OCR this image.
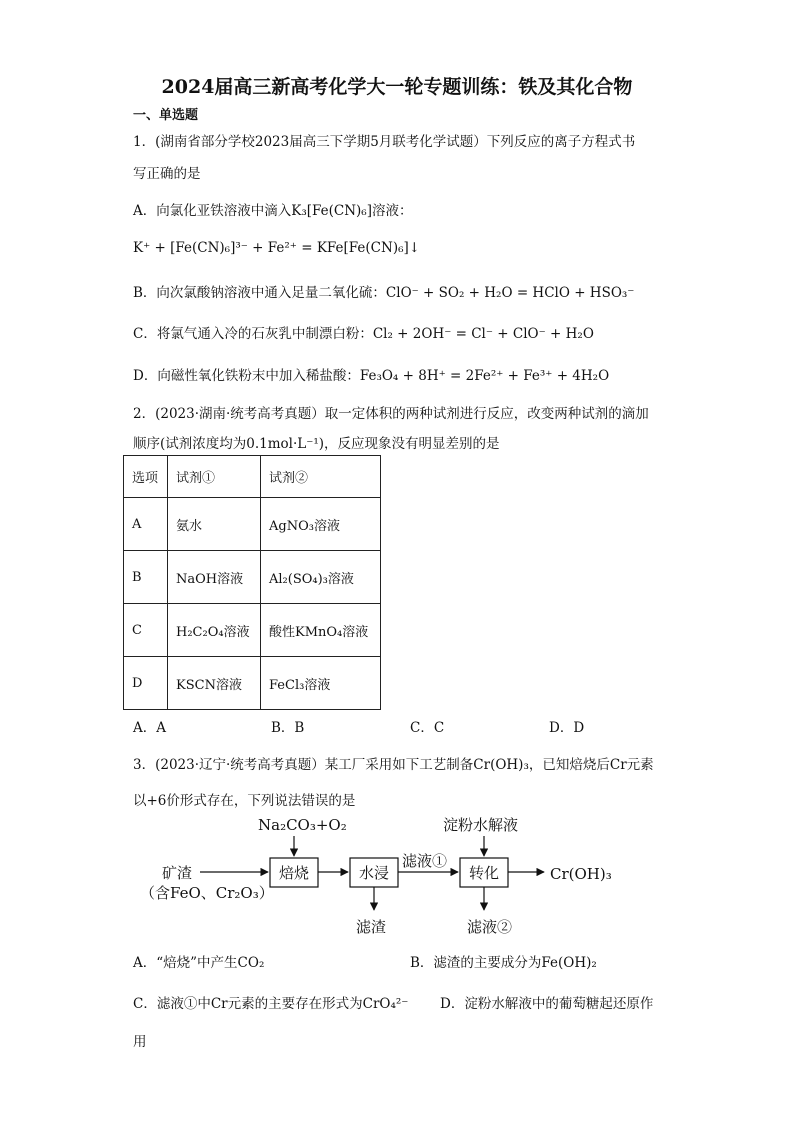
2024届高三新高考化学大一轮专题训练：铁及其化合物
一、单选题
1．(湖南省部分学校2023届高三下学期5月联考化学试题）下列反应的离子方程式书
写正确的是
A．向氯化亚铁溶液中滴入K₃[Fe(CN)₆]溶液：
K⁺ + [Fe(CN)₆]³⁻ + Fe²⁺ = KFe[Fe(CN)₆]↓
B．向次氯酸钠溶液中通入足量二氧化硫：ClO⁻ + SO₂ + H₂O = HClO + HSO₃⁻
C．将氯气通入冷的石灰乳中制漂白粉：Cl₂ + 2OH⁻ = Cl⁻ + ClO⁻ + H₂O
D．向磁性氧化铁粉末中加入稀盐酸：Fe₃O₄ + 8H⁺ = 2Fe²⁺ + Fe³⁺ + 4H₂O
2．(2023·湖南·统考高考真题）取一定体积的两种试剂进行反应，改变两种试剂的滴加
顺序(试剂浓度均为0.1mol·L⁻¹)，反应现象没有明显差别的是
选项	试剂①	试剂②
A	氨水	AgNO₃溶液
B	NaOH溶液	Al₂(SO₄)₃溶液
C	H₂C₂O₄溶液	酸性KMnO₄溶液
D	KSCN溶液	FeCl₃溶液
A．A	B．B	C．C	D．D
3．(2023·辽宁·统考高考真题）某工厂采用如下工艺制备Cr(OH)₃，已知焙烧后Cr元素
以+6价形式存在，下列说法错误的是
矿渣
（含FeO、Cr₂O₃）
Na₂CO₃+O₂	淀粉水解液
滤液①
Cr(OH)₃
滤渣	滤液②
焙烧	水浸	转化
A．“焙烧”中产生CO₂	B．滤渣的主要成分为Fe(OH)₂
C．滤液①中Cr元素的主要存在形式为CrO₄²⁻ D．淀粉水解液中的葡萄糖起还原作
用
